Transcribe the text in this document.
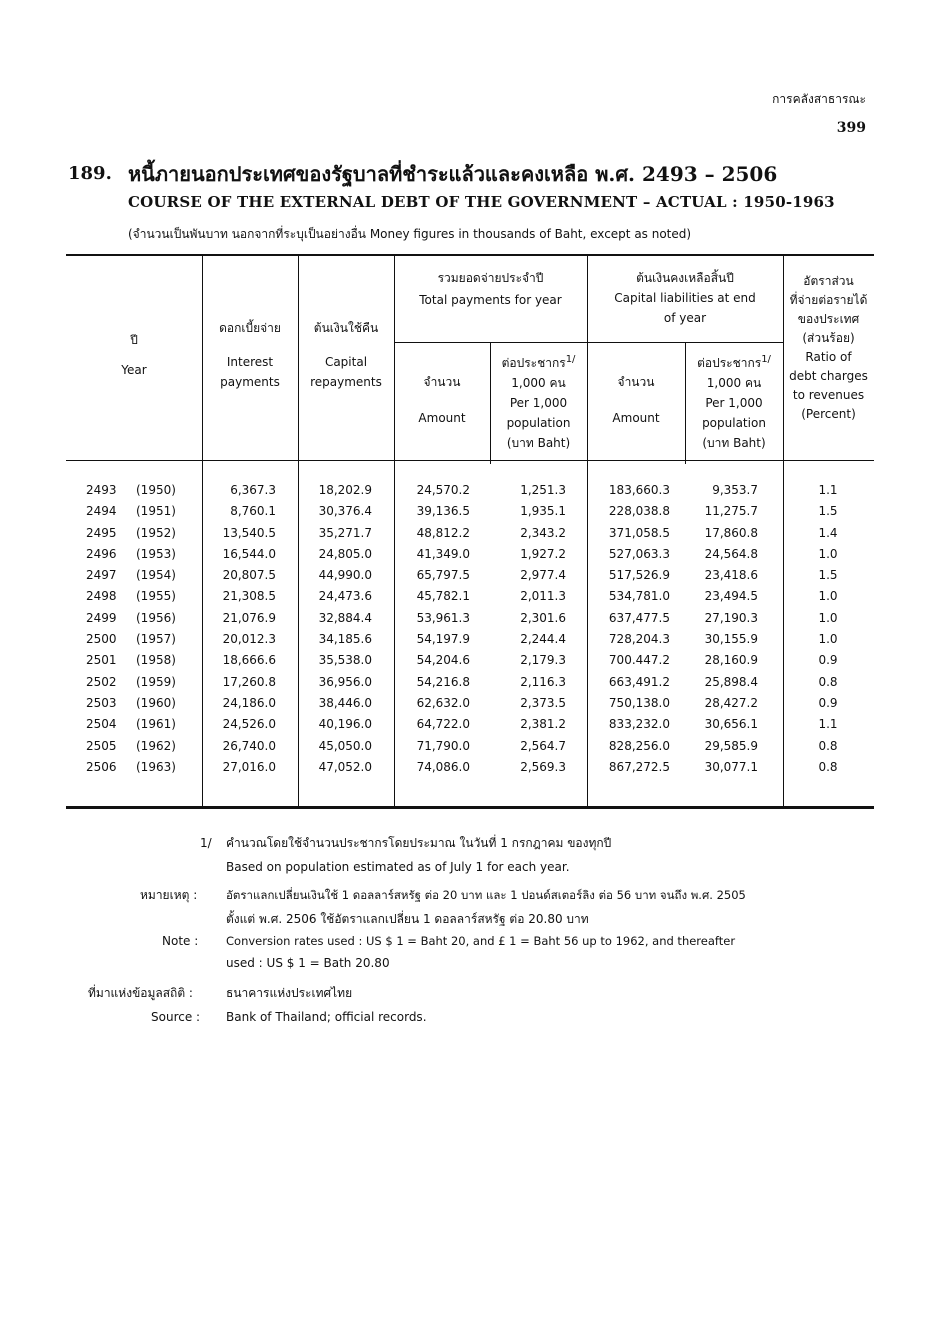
การคลังสาธารณะ
399
189. หนี้ภายนอกประเทศของรัฐบาลที่ชำระแล้วและคงเหลือ พ.ศ. 2493 – 2506
COURSE OF THE EXTERNAL DEBT OF THE GOVERNMENT – ACTUAL : 1950-1963
(จำนวนเป็นพันบาท นอกจากที่ระบุเป็นอย่างอื่น Money figures in thousands of Baht, except as noted)
ปี
Year
ดอกเบี้ยจ่าย
Interest
payments
ต้นเงินใช้คืน
Capital
repayments
รวมยอดจ่ายประจำปี
Total payments for year
ต้นเงินคงเหลือสิ้นปี
Capital liabilities at end
of year
จำนวน
Amount
ต่อประชากร$^{1/}$
1,000 คน
Per 1,000
population
(บาท Baht)
จำนวน
Amount
ต่อประชากร$^{1/}$
1,000 คน
Per 1,000
population
(บาท Baht)
อัตราส่วน
ที่จ่ายต่อรายได้
ของประเทศ
(ส่วนร้อย)
Ratio of
debt charges
to revenues
(Percent)
2493	(1950)	6,367.3	18,202.9	24,570.2	1,251.3	183,660.3	9,353.7	1.1
2494	(1951)	8,760.1	30,376.4	39,136.5	1,935.1	228,038.8	11,275.7	1.5
2495	(1952)	13,540.5	35,271.7	48,812.2	2,343.2	371,058.5	17,860.8	1.4
2496	(1953)	16,544.0	24,805.0	41,349.0	1,927.2	527,063.3	24,564.8	1.0
2497	(1954)	20,807.5	44,990.0	65,797.5	2,977.4	517,526.9	23,418.6	1.5
2498	(1955)	21,308.5	24,473.6	45,782.1	2,011.3	534,781.0	23,494.5	1.0
2499	(1956)	21,076.9	32,884.4	53,961.3	2,301.6	637,477.5	27,190.3	1.0
2500	(1957)	20,012.3	34,185.6	54,197.9	2,244.4	728,204.3	30,155.9	1.0
2501	(1958)	18,666.6	35,538.0	54,204.6	2,179.3	700.447.2	28,160.9	0.9
2502	(1959)	17,260.8	36,956.0	54,216.8	2,116.3	663,491.2	25,898.4	0.8
2503	(1960)	24,186.0	38,446.0	62,632.0	2,373.5	750,138.0	28,427.2	0.9
2504	(1961)	24,526.0	40,196.0	64,722.0	2,381.2	833,232.0	30,656.1	1.1
2505	(1962)	26,740.0	45,050.0	71,790.0	2,564.7	828,256.0	29,585.9	0.8
2506	(1963)	27,016.0	47,052.0	74,086.0	2,569.3	867,272.5	30,077.1	0.8
1/ คำนวณโดยใช้จำนวนประชากรโดยประมาณ ในวันที่ 1 กรกฎาคม ของทุกปี
Based on population estimated as of July 1 for each year.
หมายเหตุ : อัตราแลกเปลี่ยนเงินใช้ 1 ดอลลาร์สหรัฐ ต่อ 20 บาท และ 1 ปอนด์สเตอร์ลิง ต่อ 56 บาท จนถึง พ.ศ. 2505
ตั้งแต่ พ.ศ. 2506 ใช้อัตราแลกเปลี่ยน 1 ดอลลาร์สหรัฐ ต่อ 20.80 บาท
Note : Conversion rates used : US $ 1 = Baht 20, and £ 1 = Baht 56 up to 1962, and thereafter
used : US $ 1 = Bath 20.80
ที่มาแห่งข้อมูลสถิติ :	ธนาคารแห่งประเทศไทย
Source : Bank of Thailand; official records.
